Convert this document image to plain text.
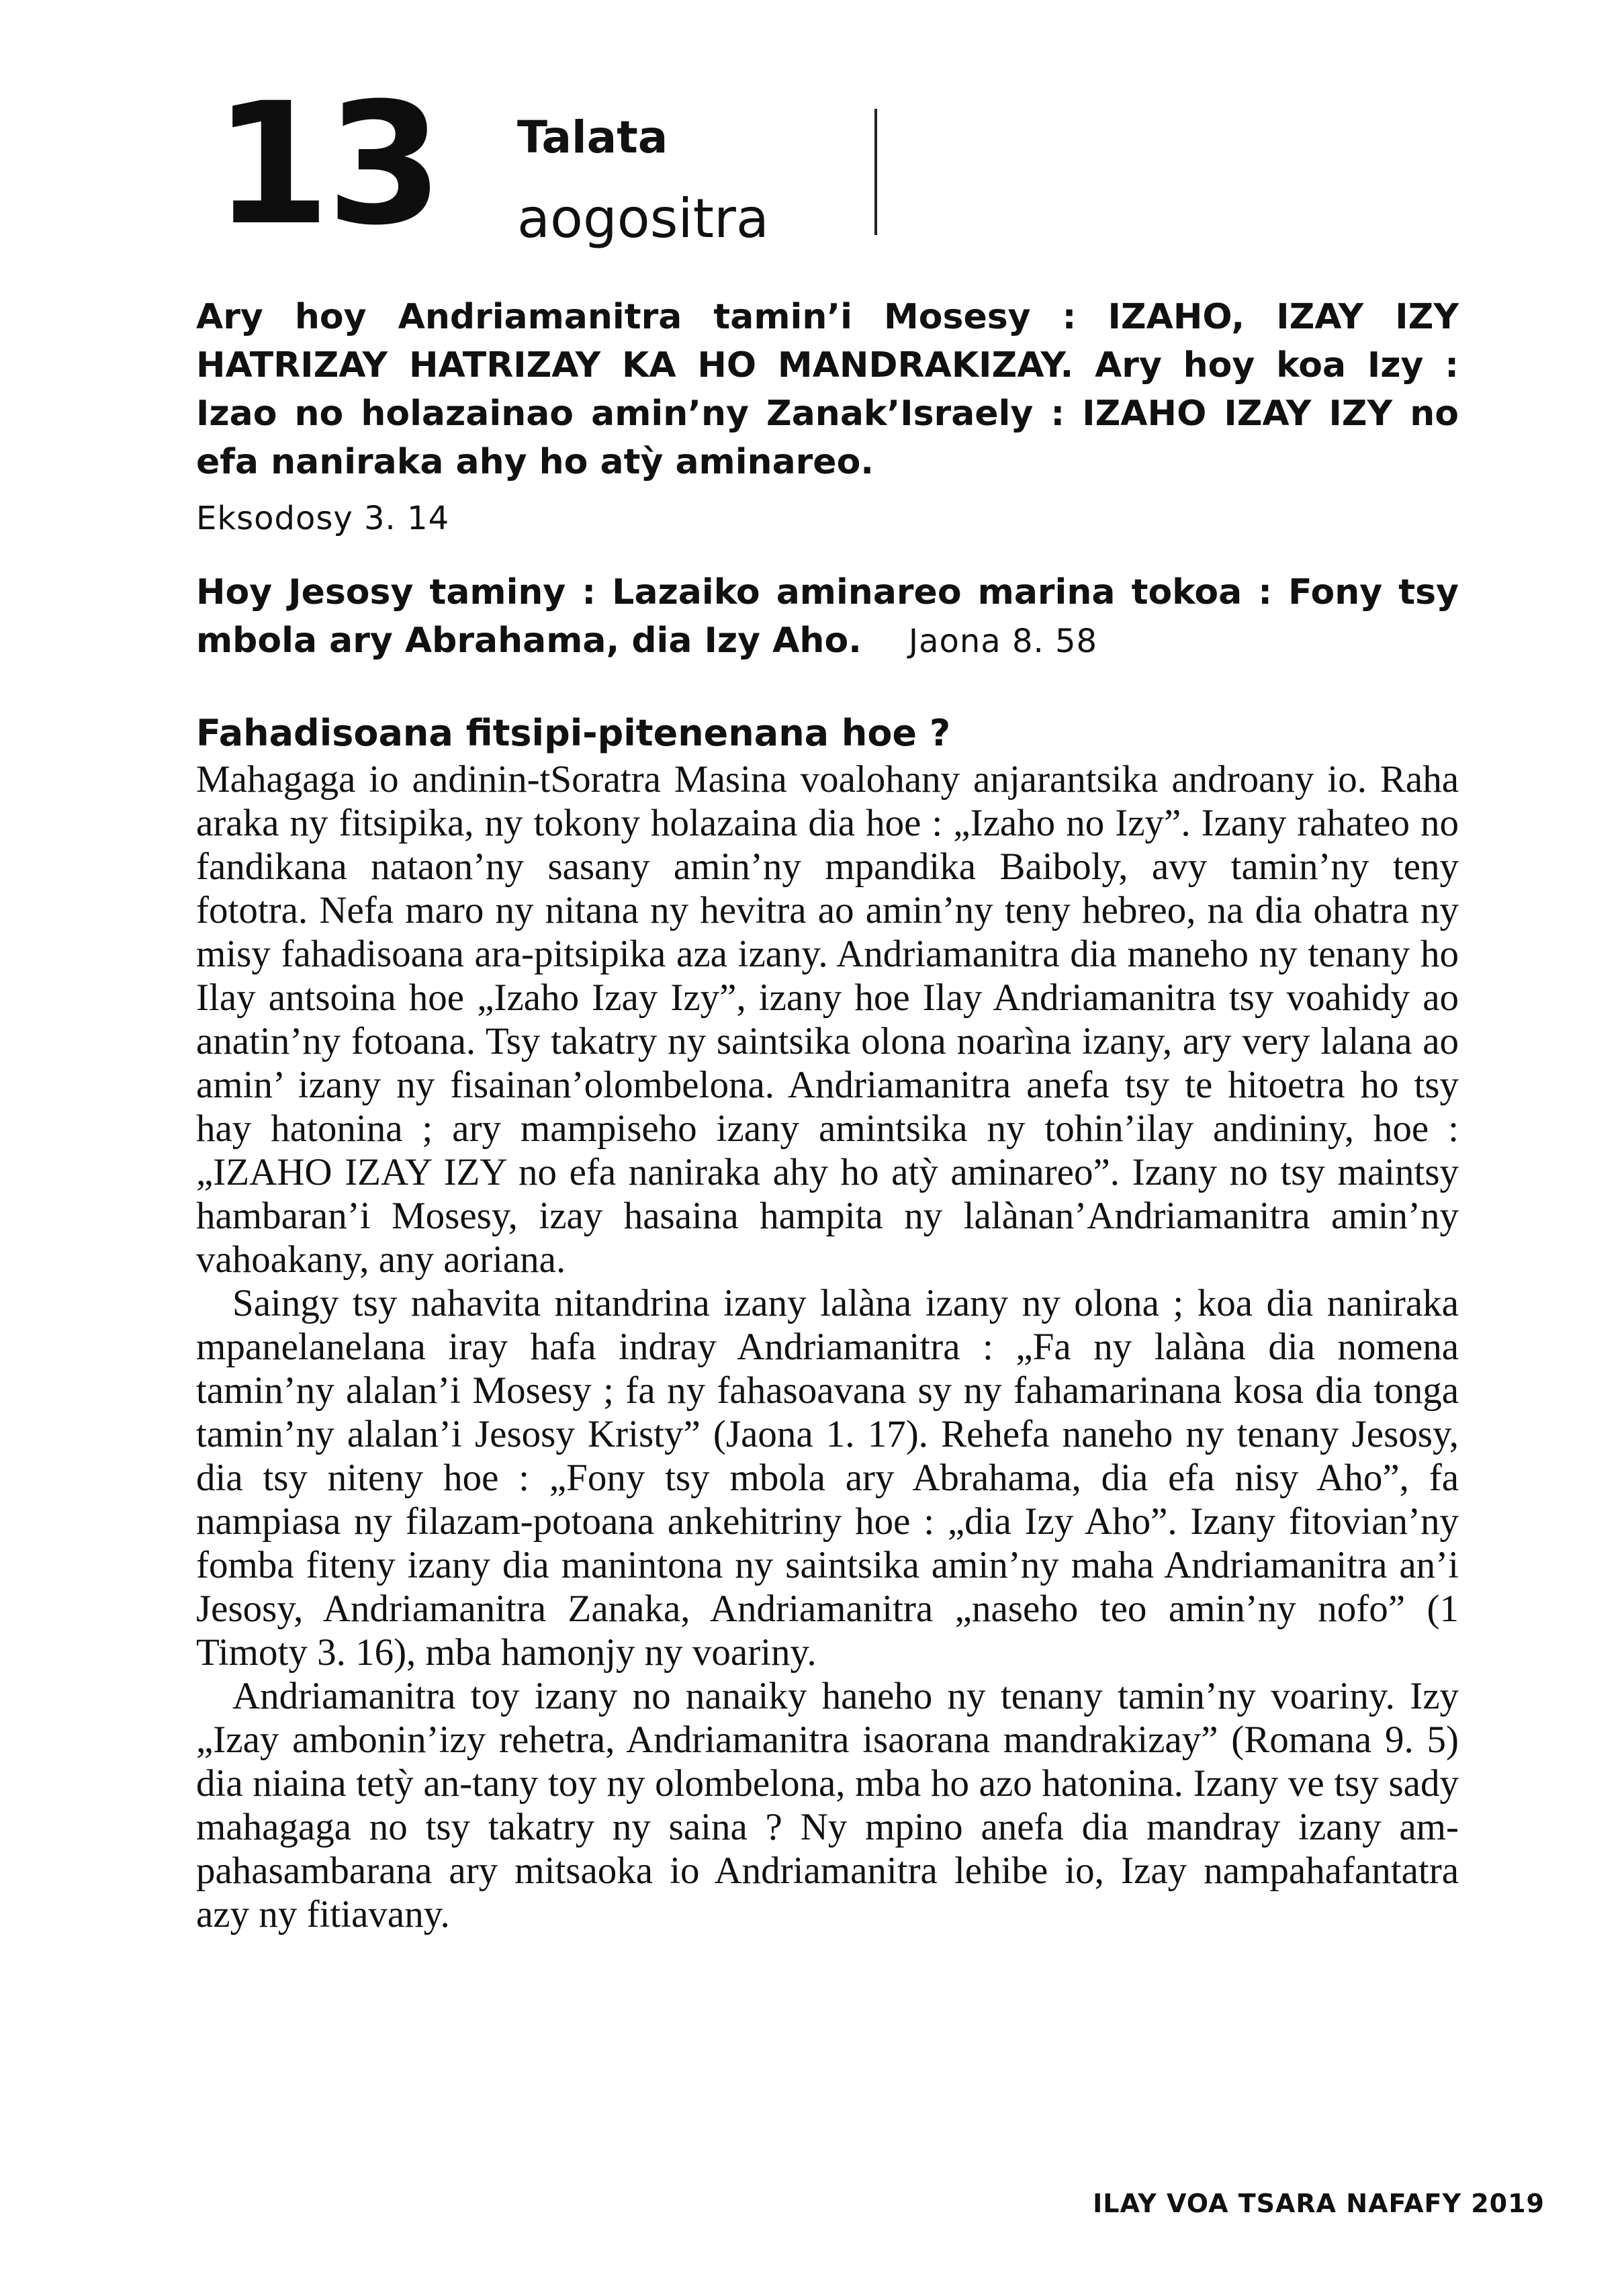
13 Talata
aogositra
Ary hoy Andriamanitra tamin’i Mosesy : IZAHO, IZAY IZY HATRIZAY HATRIZAY KA HO MANDRAKIZAY. Ary hoy koa Izy : Izao no holazainao amin’ny Zanak’Israely : IZAHO IZAY IZY no efa naniraka ahy ho atỳ aminareo.
Eksodosy 3. 14
Hoy Jesosy taminy : Lazaiko aminareo marina tokoa : Fony tsy mbola ary Abrahama, dia Izy Aho. Jaona 8. 58
Fahadisoana fitsipi-pitenenana hoe ?

Mahagaga io andinin-tSoratra Masina voalohany anjarantsika androany io. Raha araka ny fitsipika, ny tokony holazaina dia hoe : „Izaho no Izy”. Izany rahateo no fandikana nataon’ny sasany amin’ny mpandika Baiboly, avy tamin’ny teny fototra. Nefa maro ny nitana ny hevitra ao amin’ny teny hebreo, na dia ohatra ny misy fahadisoana ara-pitsipika aza izany. Andriamanitra dia maneho ny tenany ho Ilay antsoina hoe „Izaho Izay Izy”, izany hoe Ilay Andriamanitra tsy voahidy ao anatin’ny fotoana. Tsy takatry ny saintsika olona noarìna izany, ary very lalana ao amin’ izany ny fisainan’olombelona. Andriamanitra anefa tsy te hitoetra ho tsy hay hatonina ; ary mampiseho izany amintsika ny tohin’ilay andininy, hoe : „IZAHO IZAY IZY no efa naniraka ahy ho atỳ aminareo”. Izany no tsy maintsy hambaran’i Mosesy, izay hasaina hampita ny lalànan’Andriamanitra amin’ny vahoakany, any aoriana.

Saingy tsy nahavita nitandrina izany lalàna izany ny olona ; koa dia naniraka mpanelanelana iray hafa indray Andriamanitra : „Fa ny lalàna dia nomena tamin’ny alalan’i Mosesy ; fa ny fahasoavana sy ny fahamarinana kosa dia tonga tamin’ny alalan’i Jesosy Kristy” (Jaona 1. 17). Rehefa naneho ny tenany Jesosy, dia tsy niteny hoe : „Fony tsy mbola ary Abrahama, dia efa nisy Aho”, fa nampiasa ny filazam-potoana ankehitriny hoe : „dia Izy Aho”. Izany fitovian’ny fomba fiteny izany dia manintona ny saintsika amin’ny maha Andriamanitra an’i Jesosy, Andriamanitra Zanaka, Andriamanitra „naseho teo amin’ny nofo” (1 Timoty 3. 16), mba hamonjy ny voariny.

Andriamanitra toy izany no nanaiky haneho ny tenany tamin’ny voariny. Izy „Izay ambonin’izy rehetra, Andriamanitra isaorana mandrakizay” (Romana 9. 5) dia niaina tetỳ an-tany toy ny olombelona, mba ho azo hatonina. Izany ve tsy sady mahagaga no tsy takatry ny saina ? Ny mpino anefa dia mandray izany am-pahasambarana ary mitsaoka io Andriamanitra lehibe io, Izay nampahafantatra azy ny fitiavany.

ILAY VOA TSARA NAFAFY 2019
